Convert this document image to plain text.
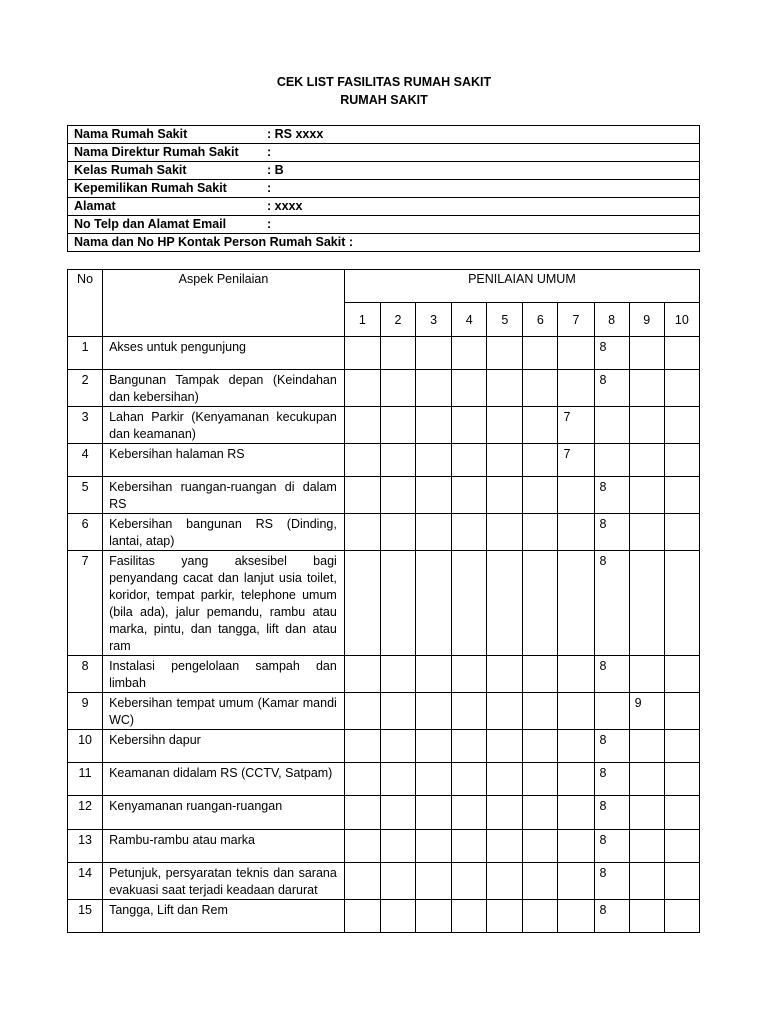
CEK LIST FASILITAS RUMAH SAKIT
RUMAH SAKIT
Nama Rumah Sakit	: RS xxxx
Nama Direktur Rumah Sakit :
Kelas Rumah Sakit	: B
Kepemilikan Rumah Sakit	:
Alamat	: xxxx
No Telp dan Alamat Email	:
Nama dan No HP Kontak Person Rumah Sakit :
No	Aspek Penilaian	PENILAIAN UMUM									
		1	2	3	4	5	6	7	8	9	10
1	Akses untuk pengunjung								8		
2	Bangunan Tampak depan (Keindahan dan kebersihan)								8		
3	Lahan Parkir (Kenyamanan kecukupan dan keamanan)							7			
4	Kebersihan halaman RS							7			
5	Kebersihan ruangan-ruangan di dalam RS								8		
6	Kebersihan bangunan RS (Dinding, lantai, atap)								8		
7	Fasilitas yang aksesibel bagi penyandang cacat dan lanjut usia toilet, koridor, tempat parkir, telephone umum (bila ada), jalur pemandu, rambu atau marka, pintu, dan tangga, lift dan atau ram								8		
8	Instalasi pengelolaan sampah dan limbah								8		
9	Kebersihan tempat umum (Kamar mandi WC)									9	
10	Kebersihn dapur								8		
11	Keamanan didalam RS (CCTV, Satpam)								8		
12	Kenyamanan ruangan-ruangan								8		
13	Rambu-rambu atau marka								8		
14	Petunjuk, persyaratan teknis dan sarana evakuasi saat terjadi keadaan darurat								8		
15	Tangga, Lift dan Rem								8		
